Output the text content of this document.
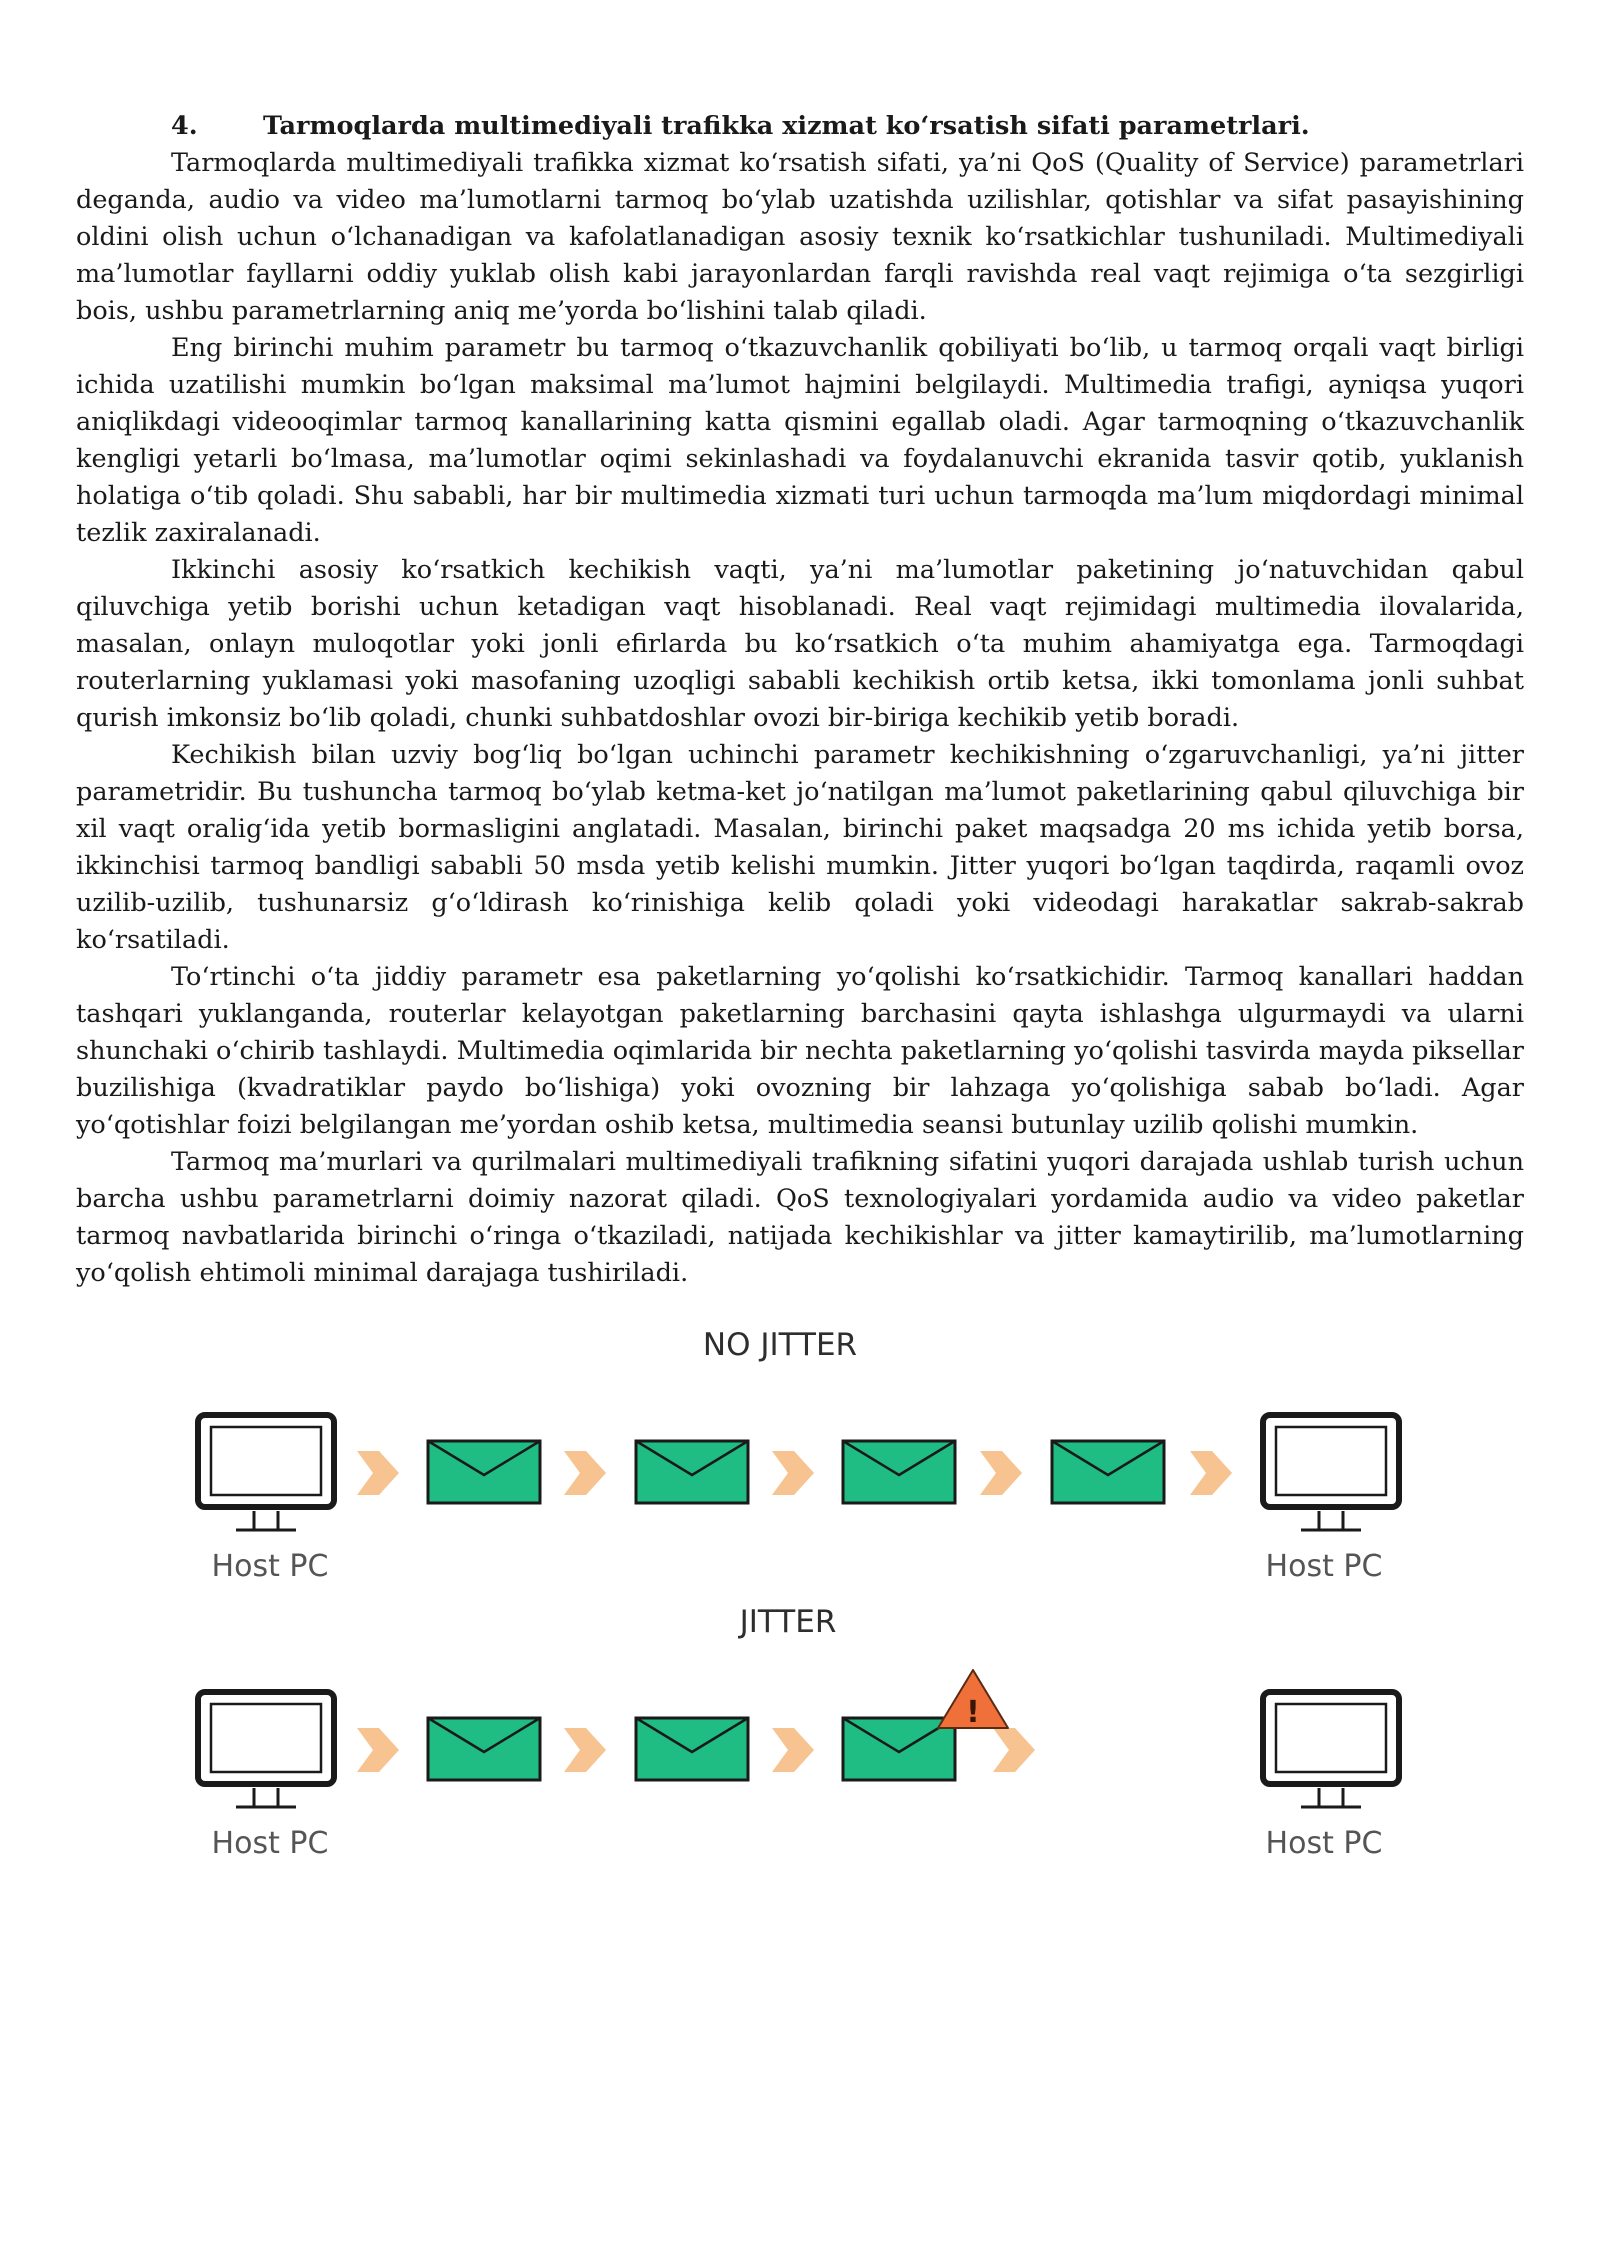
4.	Tarmoqlarda multimediyali trafikka xizmat ko‘rsatish sifati parametrlari.

Tarmoqlarda multimediyali trafikka xizmat ko‘rsatish sifati, ya’ni QoS (Quality of Service) parametrlari deganda, audio va video ma’lumotlarni tarmoq bo‘ylab uzatishda uzilishlar, qotishlar va sifat pasayishining oldini olish uchun o‘lchanadigan va kafolatlanadigan asosiy texnik ko‘rsatkichlar tushuniladi. Multimediyali ma’lumotlar fayllarni oddiy yuklab olish kabi jarayonlardan farqli ravishda real vaqt rejimiga o‘ta sezgirligi bois, ushbu parametrlarning aniq me’yorda bo‘lishini talab qiladi.

Eng birinchi muhim parametr bu tarmoq o‘tkazuvchanlik qobiliyati bo‘lib, u tarmoq orqali vaqt birligi ichida uzatilishi mumkin bo‘lgan maksimal ma’lumot hajmini belgilaydi. Multimedia trafigi, ayniqsa yuqori aniqlikdagi videooqimlar tarmoq kanallarining katta qismini egallab oladi. Agar tarmoqning o‘tkazuvchanlik kengligi yetarli bo‘lmasa, ma’lumotlar oqimi sekinlashadi va foydalanuvchi ekranida tasvir qotib, yuklanish holatiga o‘tib qoladi. Shu sababli, har bir multimedia xizmati turi uchun tarmoqda ma’lum miqdordagi minimal tezlik zaxiralanadi.

Ikkinchi asosiy ko‘rsatkich kechikish vaqti, ya’ni ma’lumotlar paketining jo‘natuvchidan qabul qiluvchiga yetib borishi uchun ketadigan vaqt hisoblanadi. Real vaqt rejimidagi multimedia ilovalarida, masalan, onlayn muloqotlar yoki jonli efirlarda bu ko‘rsatkich o‘ta muhim ahamiyatga ega. Tarmoqdagi routerlarning yuklamasi yoki masofaning uzoqligi sababli kechikish ortib ketsa, ikki tomonlama jonli suhbat qurish imkonsiz bo‘lib qoladi, chunki suhbatdoshlar ovozi bir-biriga kechikib yetib boradi.

Kechikish bilan uzviy bog‘liq bo‘lgan uchinchi parametr kechikishning o‘zgaruvchanligi, ya’ni jitter parametridir. Bu tushuncha tarmoq bo‘ylab ketma-ket jo‘natilgan ma’lumot paketlarining qabul qiluvchiga bir xil vaqt oralig‘ida yetib bormasligini anglatadi. Masalan, birinchi paket maqsadga 20 ms ichida yetib borsa, ikkinchisi tarmoq bandligi sababli 50 msda yetib kelishi mumkin. Jitter yuqori bo‘lgan taqdirda, raqamli ovoz uzilib-uzilib, tushunarsiz g‘o‘ldirash ko‘rinishiga kelib qoladi yoki videodagi harakatlar sakrab-sakrab ko‘rsatiladi.

To‘rtinchi o‘ta jiddiy parametr esa paketlarning yo‘qolishi ko‘rsatkichidir. Tarmoq kanallari haddan tashqari yuklanganda, routerlar kelayotgan paketlarning barchasini qayta ishlashga ulgurmaydi va ularni shunchaki o‘chirib tashlaydi. Multimedia oqimlarida bir nechta paketlarning yo‘qolishi tasvirda mayda piksellar buzilishiga (kvadratiklar paydo bo‘lishiga) yoki ovozning bir lahzaga yo‘qolishiga sabab bo‘ladi. Agar yo‘qotishlar foizi belgilangan me’yordan oshib ketsa, multimedia seansi butunlay uzilib qolishi mumkin.

Tarmoq ma’murlari va qurilmalari multimediyali trafikning sifatini yuqori darajada ushlab turish uchun barcha ushbu parametrlarni doimiy nazorat qiladi. QoS texnologiyalari yordamida audio va video paketlar tarmoq navbatlarida birinchi o‘ringa o‘tkaziladi, natijada kechikishlar va jitter kamaytirilib, ma’lumotlarning yo‘qolish ehtimoli minimal darajaga tushiriladi.

NO JITTER
Host PC	Host PC
JITTER
Host PC	Host PC
!
